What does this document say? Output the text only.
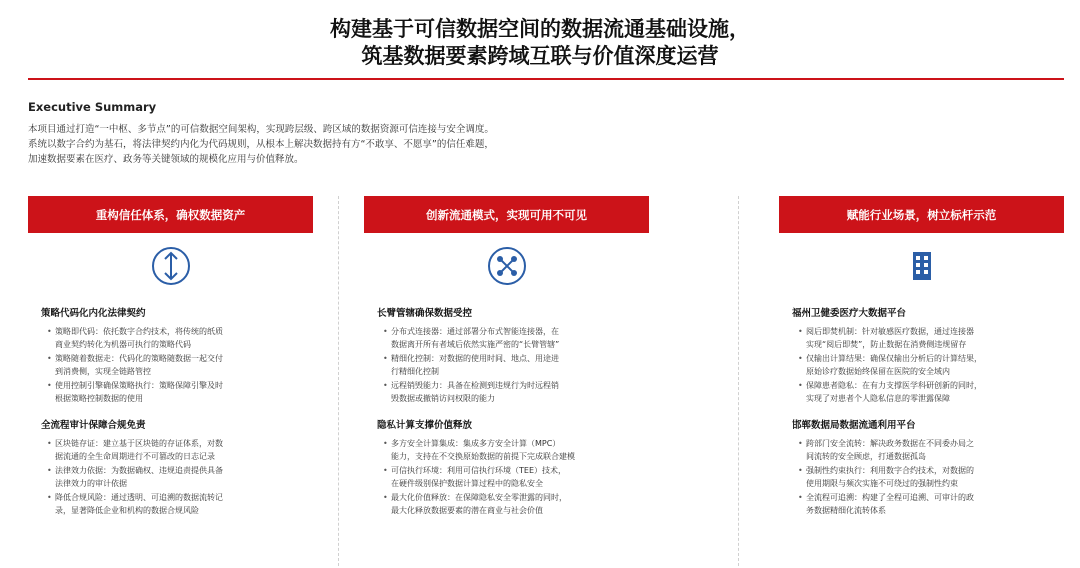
构建基于可信数据空间的数据流通基础设施，
筑基数据要素跨域互联与价值深度运营
Executive Summary

本项目通过打造“一中枢、多节点”的可信数据空间架构，实现跨层级、跨区域的数据资源可信连接与安全调度。

系统以数字合约为基石，将法律契约内化为代码规则，从根本上解决数据持有方“不敢享、不愿享”的信任难题，

加速数据要素在医疗、政务等关键领域的规模化应用与价值释放。

重构信任体系，确权数据资产
策略代码化内化法律契约
• 策略即代码：依托数字合约技术，将传统的纸质
商业契约转化为机器可执行的策略代码
• 策略随着数据走：代码化的策略随数据一起交付
到消费侧，实现全链路管控
• 使用控制引擎确保策略执行：策略保障引擎及时
根据策略控制数据的使用
全流程审计保障合规免责
• 区块链存证：建立基于区块链的存证体系，对数
据流通的全生命周期进行不可篡改的日志记录
• 法律效力依据：为数据确权、违规追责提供具备
法律效力的审计依据
• 降低合规风险：通过透明、可追溯的数据流转记
录，显著降低企业和机构的数据合规风险
创新流通模式，实现可用不可见
长臂管辖确保数据受控
• 分布式连接器：通过部署分布式智能连接器，在
数据离开所有者域后依然实施严密的“长臂管辖”
• 精细化控制：对数据的使用时间、地点、用途进
行精细化控制
• 远程销毁能力：具备在检测到违规行为时远程销
毁数据或撤销访问权限的能力
隐私计算支撑价值释放
• 多方安全计算集成：集成多方安全计算（MPC）
能力，支持在不交换原始数据的前提下完成联合建模
• 可信执行环境：利用可信执行环境（TEE）技术，
在硬件级别保护数据计算过程中的隐私安全
• 最大化价值释放：在保障隐私安全零泄露的同时，
最大化释放数据要素的潜在商业与社会价值
赋能行业场景，树立标杆示范
福州卫健委医疗大数据平台
• 阅后即焚机制：针对敏感医疗数据，通过连接器
实现“阅后即焚”，防止数据在消费侧违规留存
• 仅输出计算结果：确保仅输出分析后的计算结果，
原始诊疗数据始终保留在医院的安全域内
• 保障患者隐私：在有力支撑医学科研创新的同时，
实现了对患者个人隐私信息的零泄露保障
邯郸数据局数据流通利用平台
• 跨部门安全流转：解决政务数据在不同委办局之
间流转的安全顾虑，打通数据孤岛
• 强制性约束执行：利用数字合约技术，对数据的
使用期限与频次实施不可绕过的强制性约束
• 全流程可追溯：构建了全程可追溯、可审计的政
务数据精细化流转体系
